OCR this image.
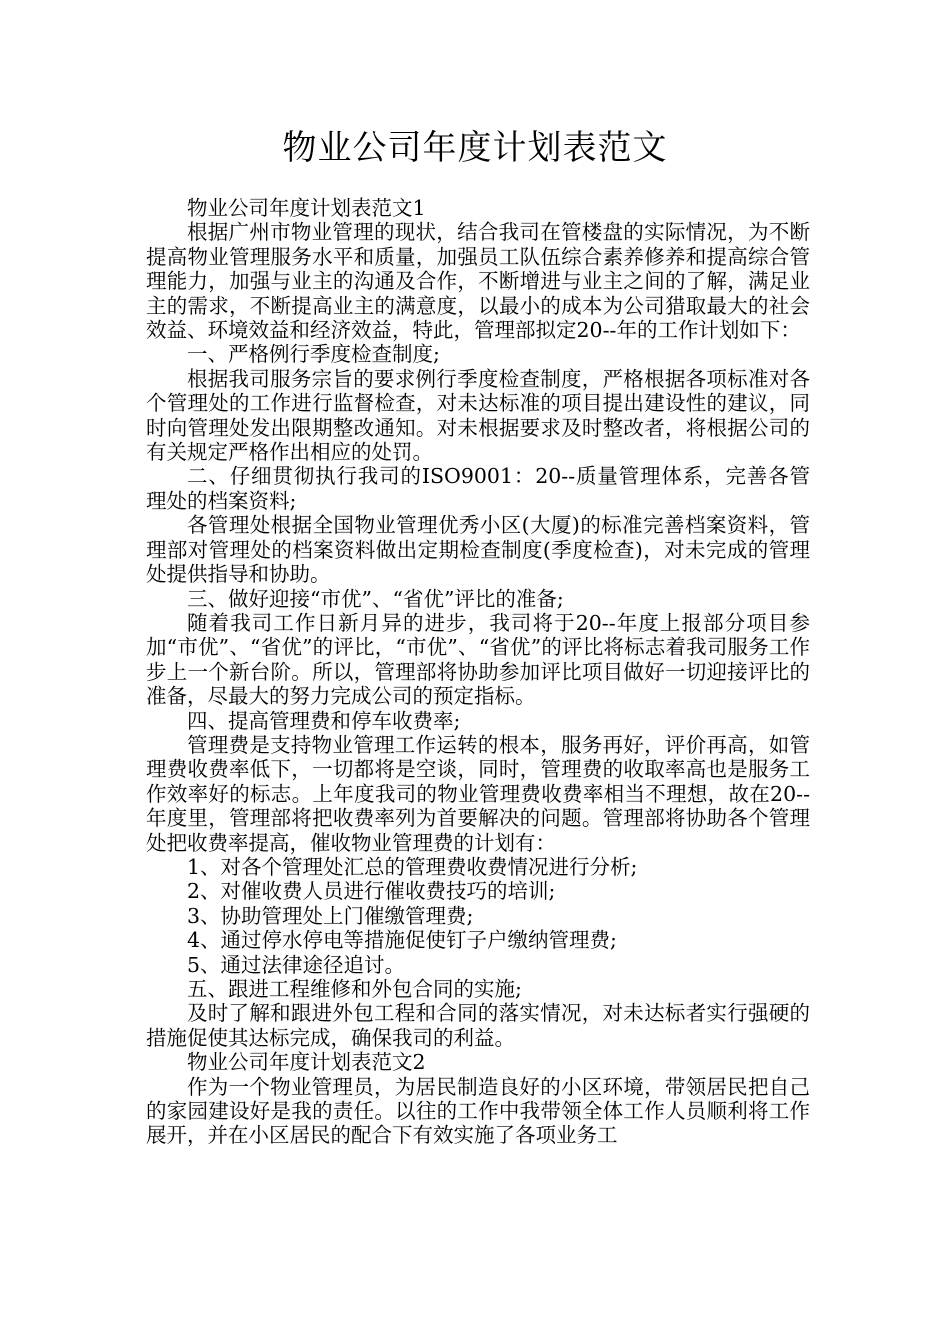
物业公司年度计划表范文

物业公司年度计划表范文1

根据广州市物业管理的现状，结合我司在管楼盘的实际情况，为不断提高物业管理服务水平和质量，加强员工队伍综合素养修养和提高综合管理能力，加强与业主的沟通及合作，不断增进与业主之间的了解，满足业主的需求，不断提高业主的满意度，以最小的成本为公司猎取最大的社会效益、环境效益和经济效益，特此，管理部拟定20--年的工作计划如下：

一、严格例行季度检查制度;

根据我司服务宗旨的要求例行季度检查制度，严格根据各项标准对各个管理处的工作进行监督检查，对未达标准的项目提出建设性的建议，同时向管理处发出限期整改通知。对未根据要求及时整改者，将根据公司的有关规定严格作出相应的处罚。

二、仔细贯彻执行我司的ISO9001：20--质量管理体系，完善各管理处的档案资料;

各管理处根据全国物业管理优秀小区(大厦)的标准完善档案资料，管理部对管理处的档案资料做出定期检查制度(季度检查)，对未完成的管理处提供指导和协助。

三、做好迎接“市优”、“省优”评比的准备;

随着我司工作日新月异的进步，我司将于20--年度上报部分项目参加“市优”、“省优”的评比，“市优”、“省优”的评比将标志着我司服务工作步上一个新台阶。所以，管理部将协助参加评比项目做好一切迎接评比的准备，尽最大的努力完成公司的预定指标。

四、提高管理费和停车收费率;

管理费是支持物业管理工作运转的根本，服务再好，评价再高，如管理费收费率低下，一切都将是空谈，同时，管理费的收取率高也是服务工作效率好的标志。上年度我司的物业管理费收费率相当不理想，故在20--年度里，管理部将把收费率列为首要解决的问题。管理部将协助各个管理处把收费率提高，催收物业管理费的计划有：

1、对各个管理处汇总的管理费收费情况进行分析;

2、对催收费人员进行催收费技巧的培训;

3、协助管理处上门催缴管理费;

4、通过停水停电等措施促使钉子户缴纳管理费;

5、通过法律途径追讨。

五、跟进工程维修和外包合同的实施;

及时了解和跟进外包工程和合同的落实情况，对未达标者实行强硬的措施促使其达标完成，确保我司的利益。

物业公司年度计划表范文2

作为一个物业管理员，为居民制造良好的小区环境，带领居民把自己的家园建设好是我的责任。以往的工作中我带领全体工作人员顺利将工作展开，并在小区居民的配合下有效实施了各项业务工
